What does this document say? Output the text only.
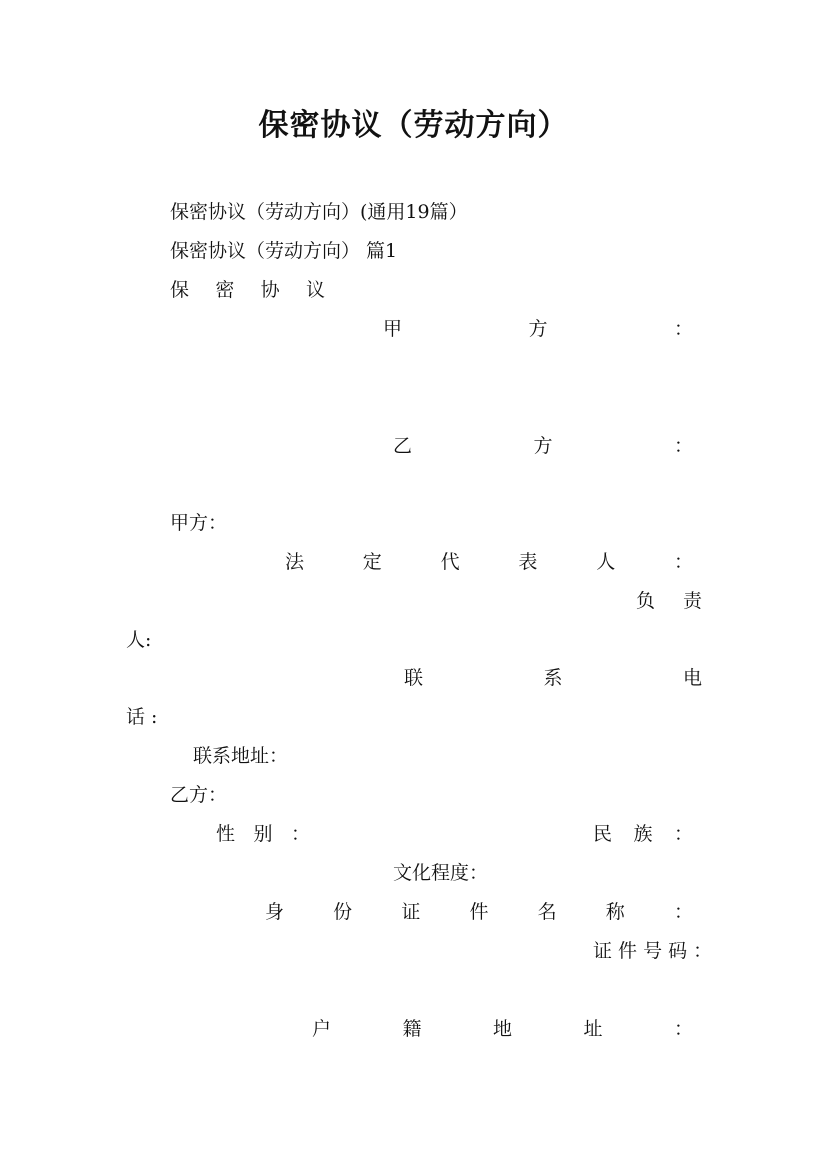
保密协议（劳动方向）
保密协议（劳动方向）(通用19篇）
保密协议（劳动方向） 篇1
保 密 协 议
甲	方	：
乙	方	：
甲方：
法	定	代	表	人	：
负 责
人:
联	系	电
话 :
联系地址：
乙方：
性 别 ：	民 族 ：
文化程度：
身	份	证	件	名	称	：
证 件 号 码 ：
户	籍	地	址	：
